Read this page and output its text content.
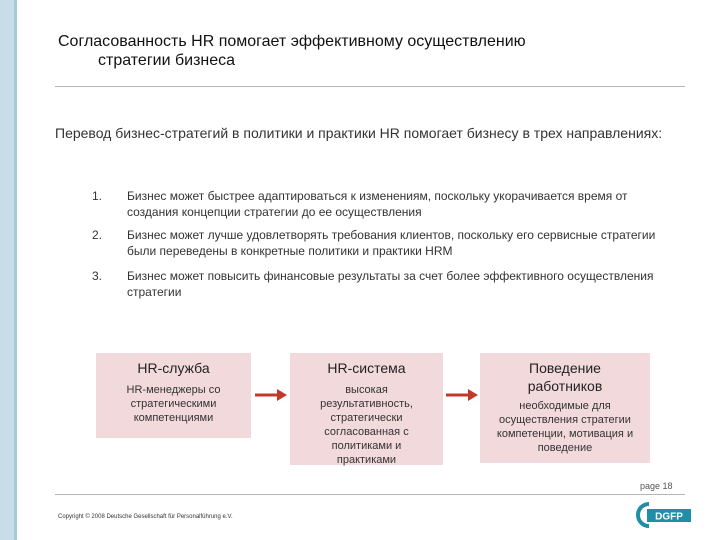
Согласованность HR помогает эффективному осуществлению
стратегии бизнеса
Перевод бизнес-стратегий в политики и практики HR помогает бизнесу в трех направлениях:
1.	Бизнес может быстрее адаптироваться к изменениям, поскольку укорачивается время от создания концепции стратегии до ее осуществления
2.	Бизнес может лучше удовлетворять требования клиентов, поскольку его сервисные стратегии были переведены в конкретные политики и практики HRM
3.	Бизнес может повысить финансовые результаты за счет более эффективного осуществления стратегии
HR-служба
HR-менеджеры со стратегическими компетенциями
HR-система
высокая результативность, стратегически согласованная с политиками и практиками
Поведение работников
необходимые для осуществления стратегии компетенции, мотивация и поведение
page 18
Copyright © 2008 Deutsche Gesellschaft für Personalführung e.V.	DGFP
